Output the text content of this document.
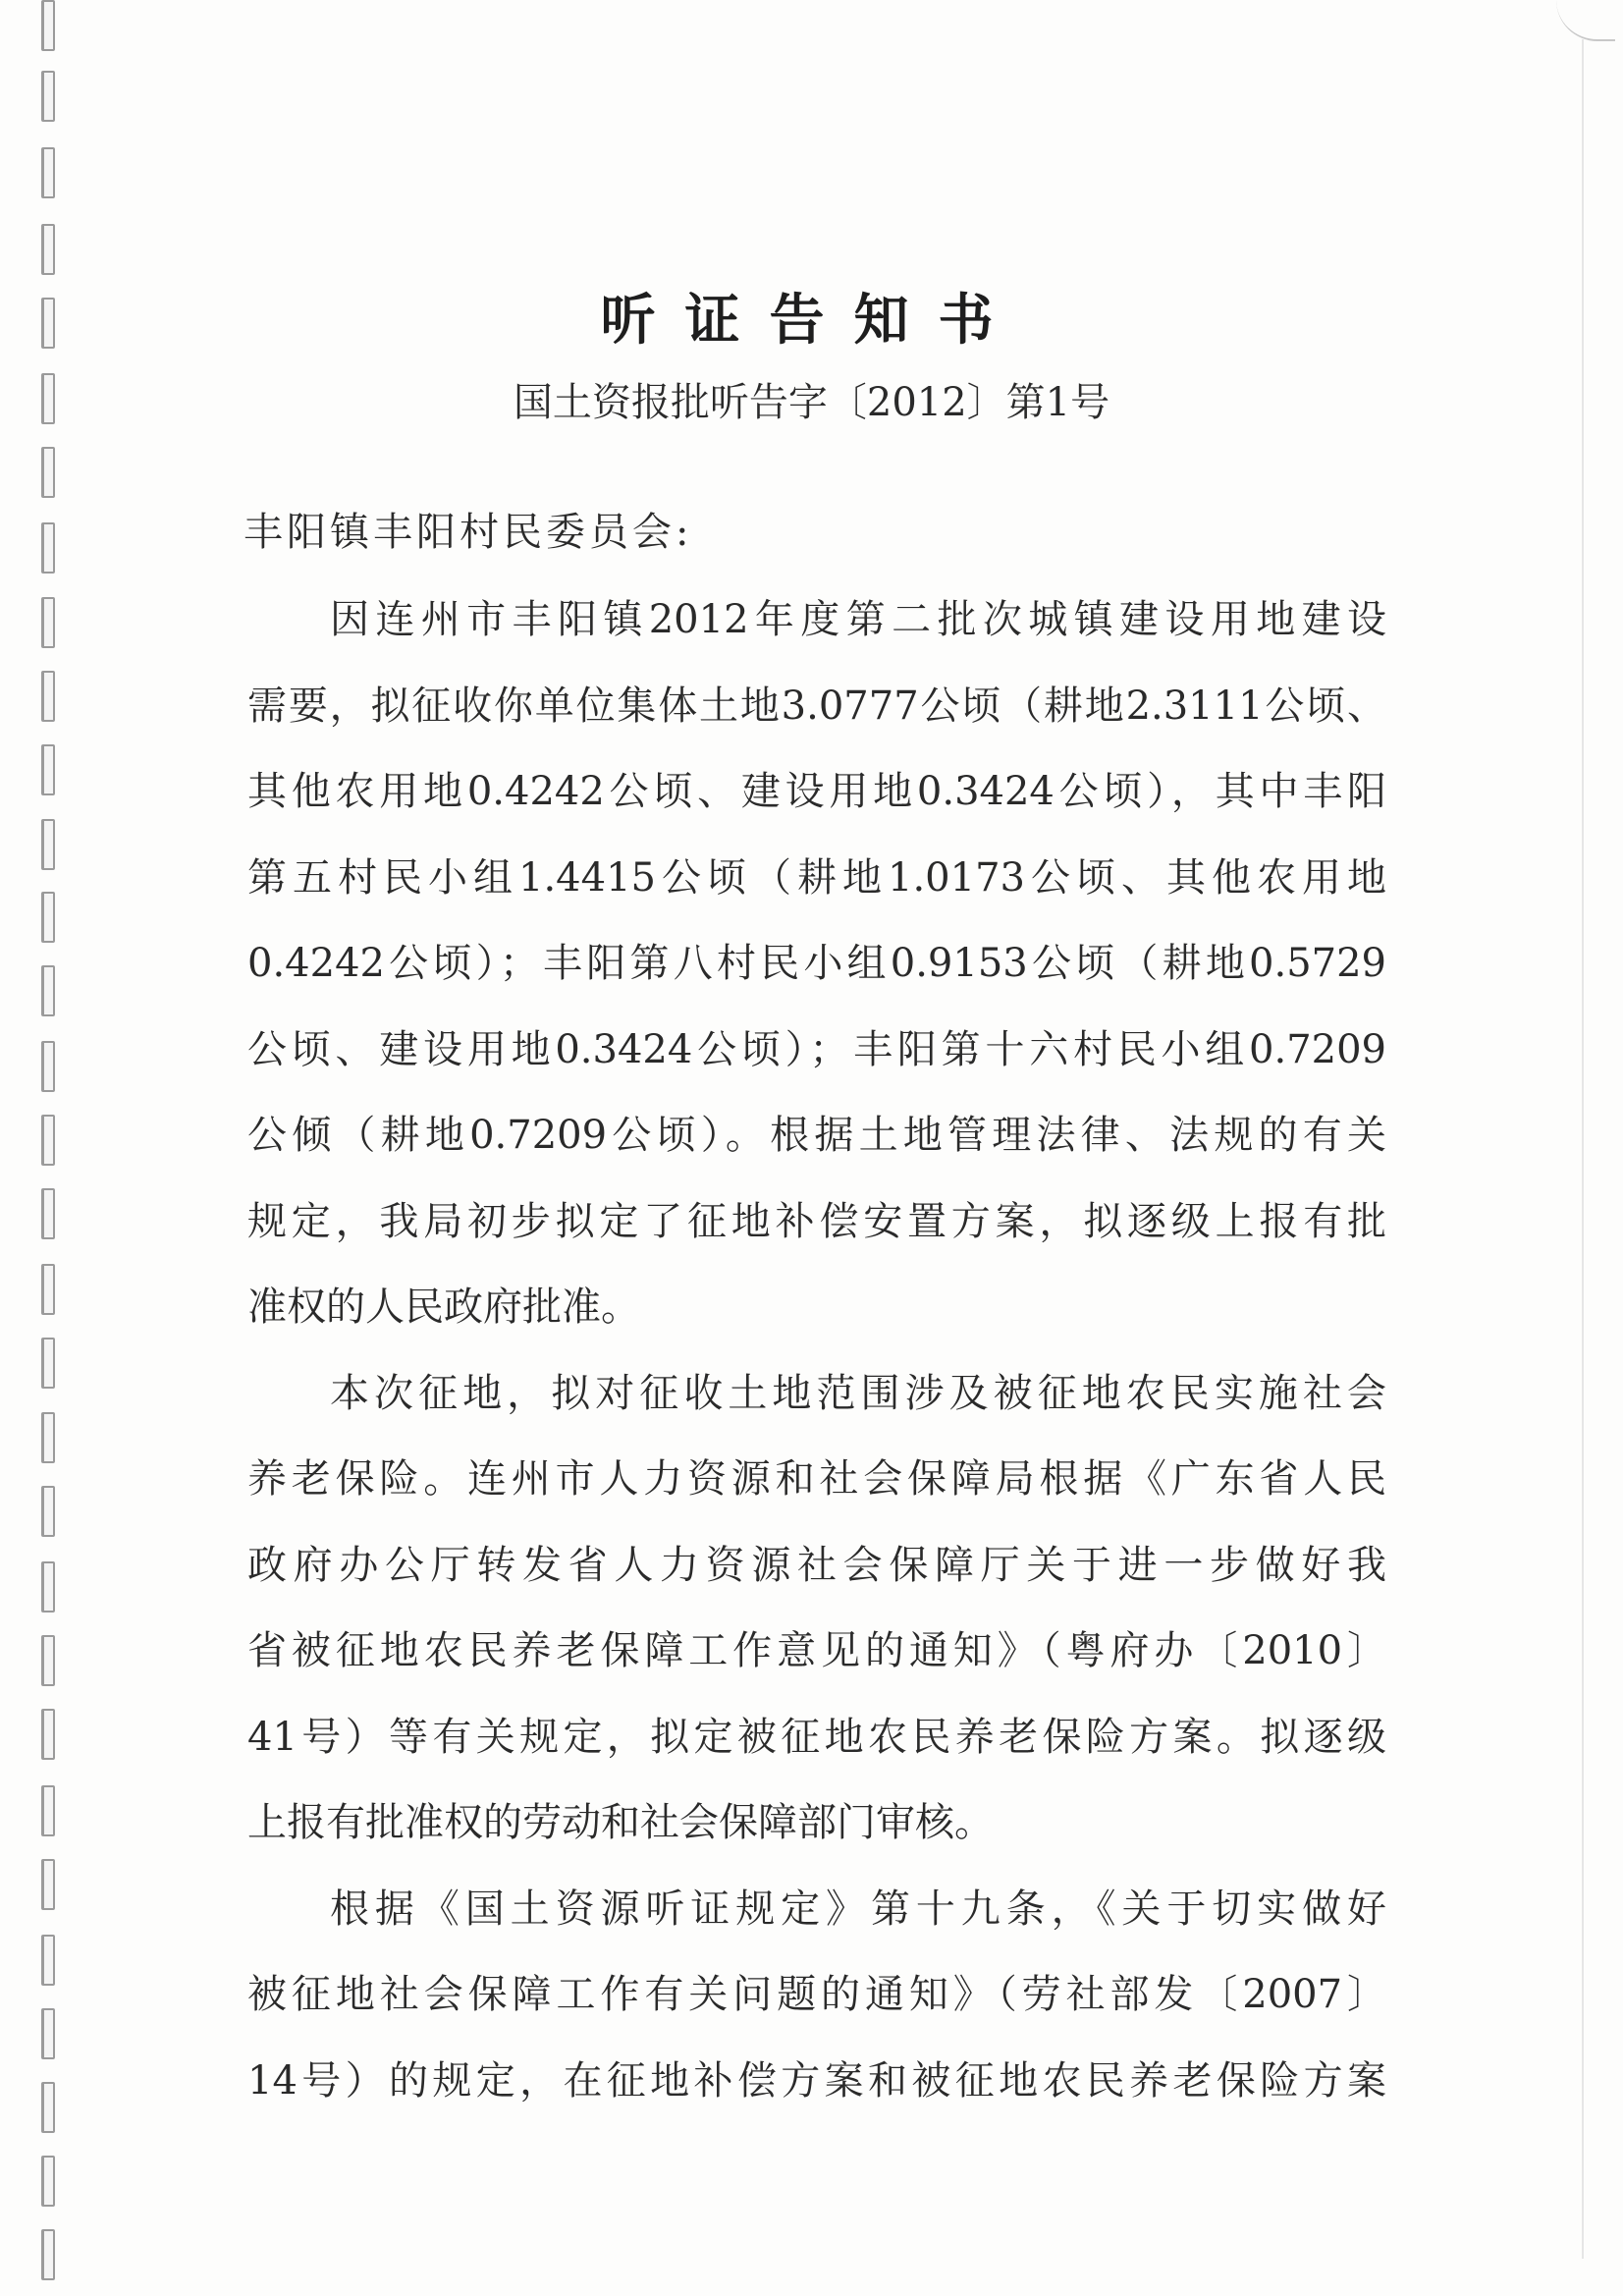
听证告知书
国土资报批听告字〔2012〕第1号
丰阳镇丰阳村民委员会:
因连州市丰阳镇2012年度第二批次城镇建设用地建设
需要，拟征收你单位集体土地3.0777公顷（耕地2.3111公顷、
其他农用地0.4242公顷、建设用地0.3424公顷），其中丰阳
第五村民小组1.4415公顷（耕地1.0173公顷、其他农用地
0.4242公顷）；丰阳第八村民小组0.9153公顷（耕地0.5729
公顷、建设用地0.3424公顷）；丰阳第十六村民小组0.7209
公倾（耕地0.7209公顷）。根据土地管理法律、法规的有关
规定，我局初步拟定了征地补偿安置方案，拟逐级上报有批
准权的人民政府批准。
本次征地，拟对征收土地范围涉及被征地农民实施社会
养老保险。连州市人力资源和社会保障局根据《广东省人民
政府办公厅转发省人力资源社会保障厅关于进一步做好我
省被征地农民养老保障工作意见的通知》（粤府办〔2010〕
41号）等有关规定，拟定被征地农民养老保险方案。拟逐级
上报有批准权的劳动和社会保障部门审核。
根据《国土资源听证规定》第十九条，《关于切实做好
被征地社会保障工作有关问题的通知》（劳社部发〔2007〕
14号）的规定，在征地补偿方案和被征地农民养老保险方案
